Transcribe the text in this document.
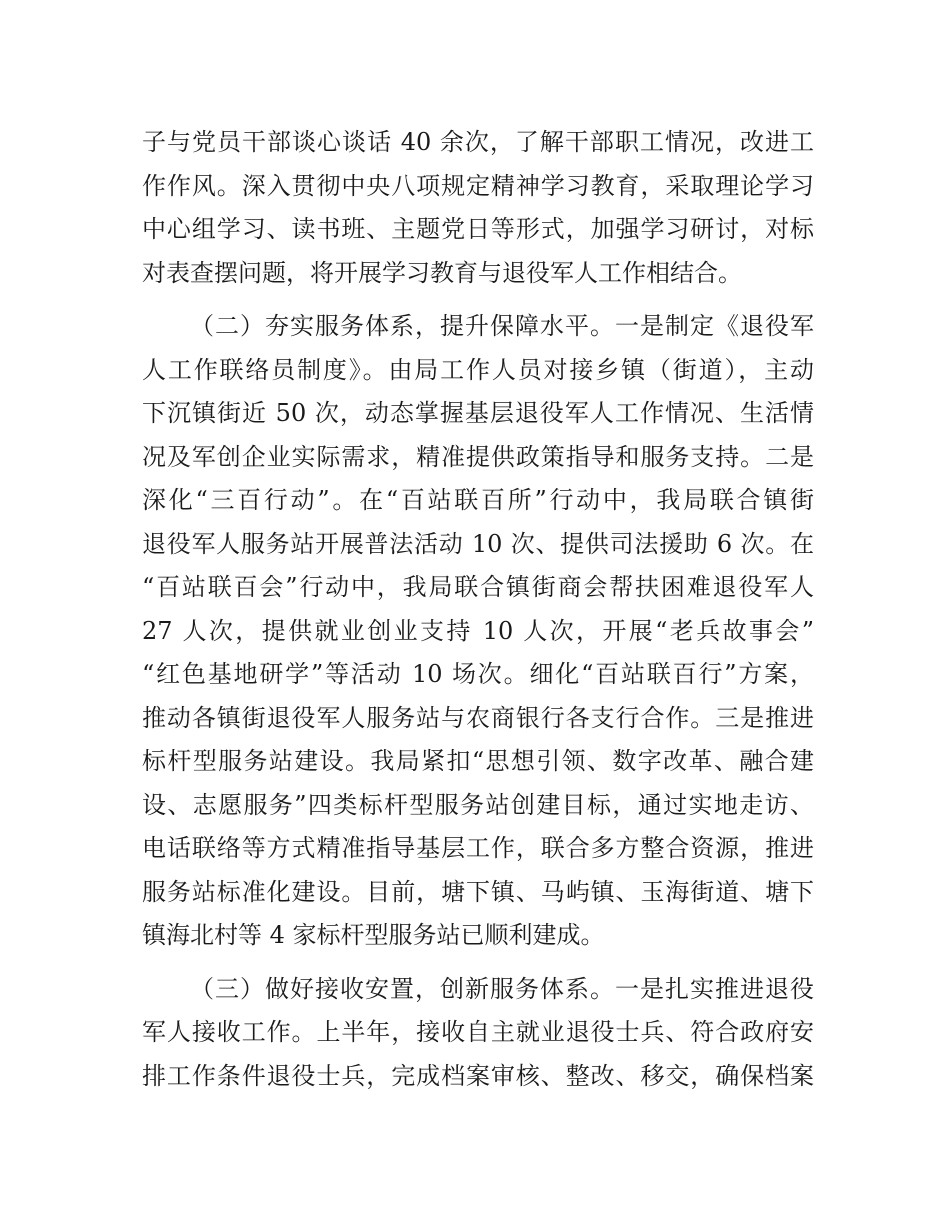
子与党员干部谈心谈话 40 余次，了解干部职工情况，改进工
作作风。深入贯彻中央八项规定精神学习教育，采取理论学习
中心组学习、读书班、主题党日等形式，加强学习研讨，对标
对表查摆问题，将开展学习教育与退役军人工作相结合。
（二）夯实服务体系，提升保障水平。一是制定《退役军
人工作联络员制度》。由局工作人员对接乡镇（街道），主动
下沉镇街近 50 次，动态掌握基层退役军人工作情况、生活情
况及军创企业实际需求，精准提供政策指导和服务支持。二是
深化“三百行动”。在“百站联百所”行动中，我局联合镇街
退役军人服务站开展普法活动 10 次、提供司法援助 6 次。在
“百站联百会”行动中，我局联合镇街商会帮扶困难退役军人
27 人次，提供就业创业支持 10 人次，开展“老兵故事会”
“红色基地研学”等活动 10 场次。细化“百站联百行”方案，
推动各镇街退役军人服务站与农商银行各支行合作。三是推进
标杆型服务站建设。我局紧扣“思想引领、数字改革、融合建
设、志愿服务”四类标杆型服务站创建目标，通过实地走访、
电话联络等方式精准指导基层工作，联合多方整合资源，推进
服务站标准化建设。目前，塘下镇、马屿镇、玉海街道、塘下
镇海北村等 4 家标杆型服务站已顺利建成。
（三）做好接收安置，创新服务体系。一是扎实推进退役
军人接收工作。上半年，接收自主就业退役士兵、符合政府安
排工作条件退役士兵，完成档案审核、整改、移交，确保档案
